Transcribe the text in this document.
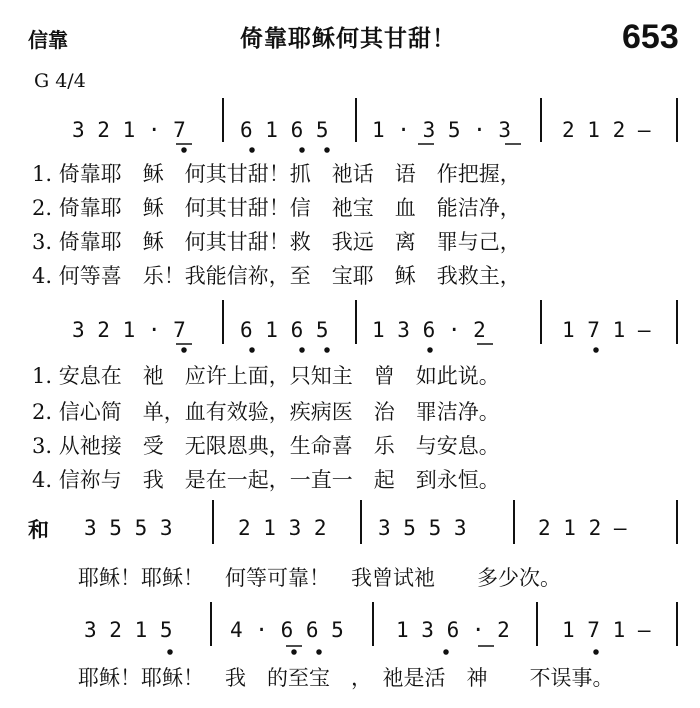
信靠	倚靠耶稣何其甘甜！	653
G 4/4
3 2 1 · 7	6 1 6 5 1 · 3 5 · 3 2 1 2 —
1. 倚靠耶　稣　何其甘甜！抓　祂话　语　作把握，
2. 倚靠耶　稣　何其甘甜！信　祂宝　血　能洁净，
3. 倚靠耶　稣　何其甘甜！救　我远　离　罪与己，
4. 何等喜　乐！我能信祢，至　宝耶　稣　我救主，
3 2 1 · 7	6 1 6 5 1 3 6 · 2	1 7 1 —
1. 安息在　祂　应许上面，只知主　曾　如此说。
2. 信心简　单，血有效验，疾病医　治　罪洁净。
3. 从祂接　受　无限恩典，生命喜　乐　与安息。
4. 信祢与　我　是在一起，一直一　起　到永恒。
和 3 5 5 3	2 1 3 2 3 5 5 3	2 1 2 —
耶稣！耶稣！　何等可靠！　我曾试祂　　多少次。
3 2 1 5	4 · 6 6 5 1 3 6 · 2 1 7 1 —
耶稣！耶稣！　我　的至宝　，　祂是活　神　　不误事。
